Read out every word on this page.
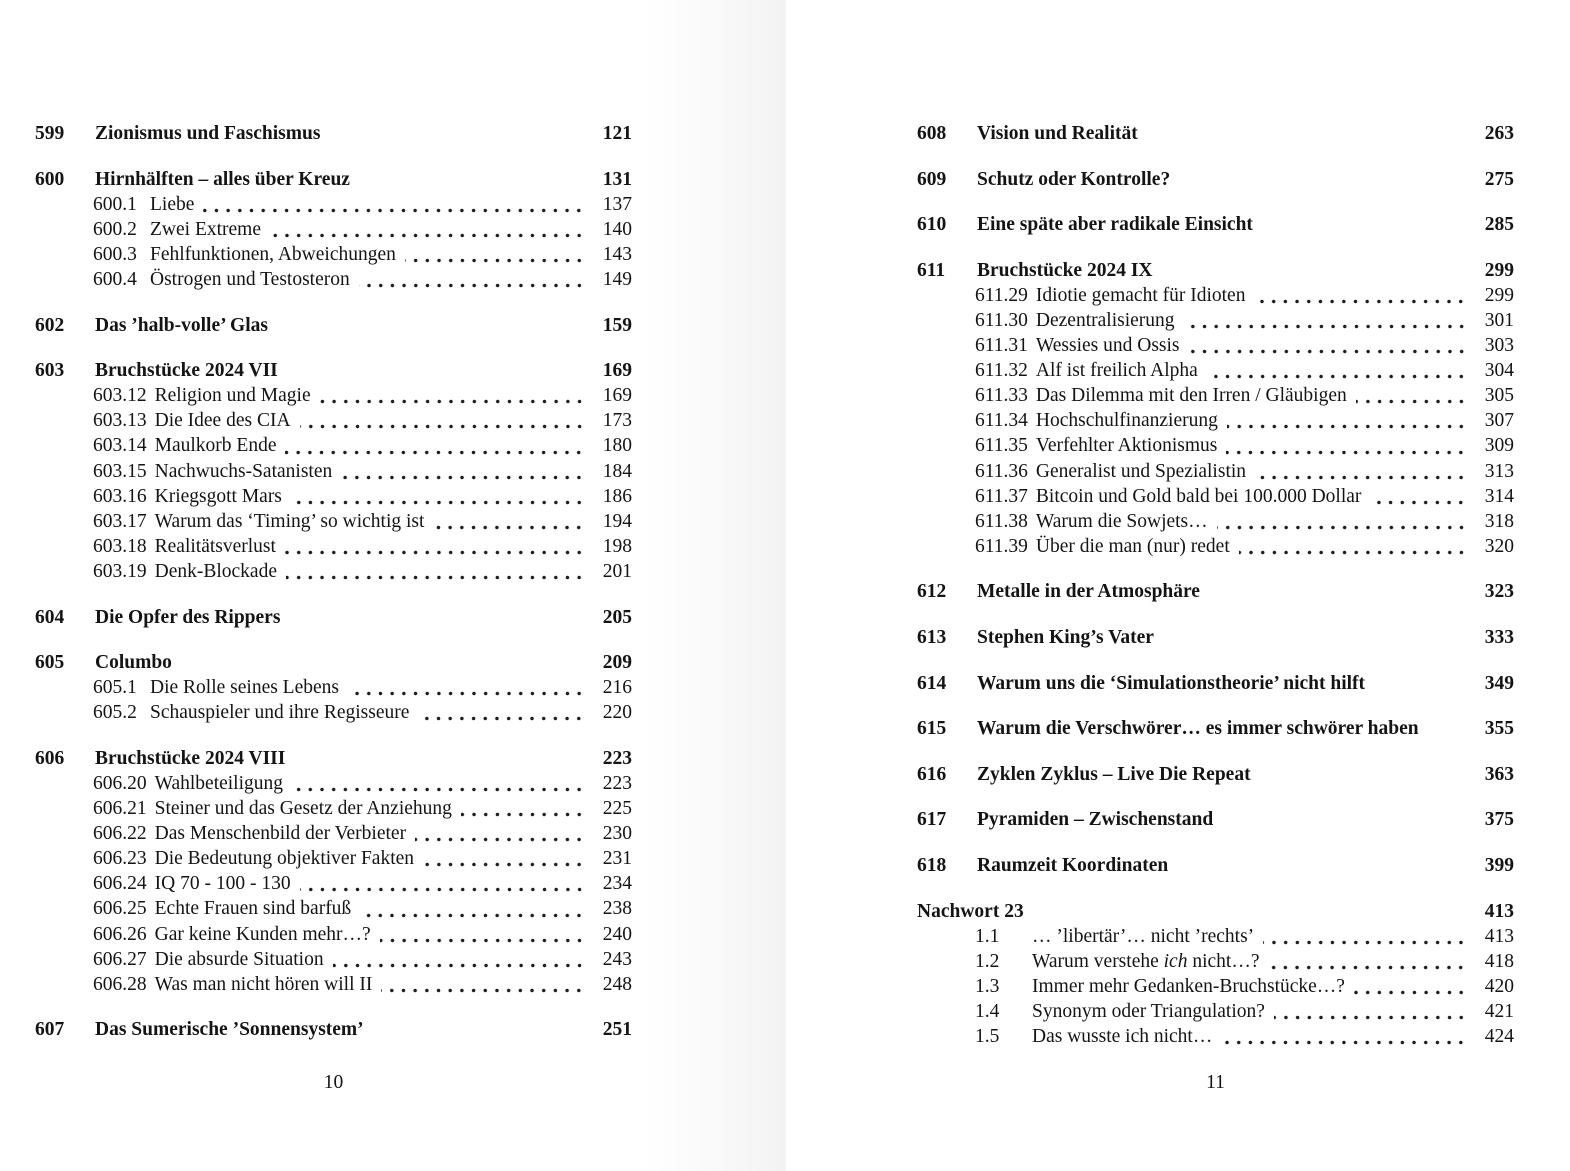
599	Zionismus und Faschismus	121
600	Hirnhälften – alles über Kreuz	131
600.1 Liebe	137
600.2 Zwei Extreme	140
600.3 Fehlfunktionen, Abweichungen	143
600.4 Östrogen und Testosteron	149
602	Das ’halb-volle’ Glas	159
603	Bruchstücke 2024 VII	169
603.12 Religion und Magie	169
603.13 Die Idee des CIA	173
603.14 Maulkorb Ende	180
603.15 Nachwuchs-Satanisten	184
603.16 Kriegsgott Mars	186
603.17 Warum das ‘Timing’ so wichtig ist	194
603.18 Realitätsverlust	198
603.19 Denk-Blockade	201
604	Die Opfer des Rippers	205
605	Columbo	209
605.1 Die Rolle seines Lebens	216
605.2 Schauspieler und ihre Regisseure	220
606	Bruchstücke 2024 VIII	223
606.20 Wahlbeteiligung	223
606.21 Steiner und das Gesetz der Anziehung	225
606.22 Das Menschenbild der Verbieter	230
606.23 Die Bedeutung objektiver Fakten	231
606.24 IQ 70 - 100 - 130	234
606.25 Echte Frauen sind barfuß	238
606.26 Gar keine Kunden mehr…?	240
606.27 Die absurde Situation	243
606.28 Was man nicht hören will II	248
607	Das Sumerische ’Sonnensystem’	251
10
608	Vision und Realität	263
609	Schutz oder Kontrolle?	275
610	Eine späte aber radikale Einsicht	285
611	Bruchstücke 2024 IX	299
611.29 Idiotie gemacht für Idioten	299
611.30 Dezentralisierung	301
611.31 Wessies und Ossis	303
611.32 Alf ist freilich Alpha	304
611.33 Das Dilemma mit den Irren / Gläubigen	305
611.34 Hochschulfinanzierung	307
611.35 Verfehlter Aktionismus	309
611.36 Generalist und Spezialistin	313
611.37 Bitcoin und Gold bald bei 100.000 Dollar	314
611.38 Warum die Sowjets…	318
611.39 Über die man (nur) redet	320
612	Metalle in der Atmosphäre	323
613	Stephen King’s Vater	333
614	Warum uns die ‘Simulationstheorie’ nicht hilft	349
615	Warum die Verschwörer… es immer schwörer haben	355
616	Zyklen Zyklus – Live Die Repeat	363
617	Pyramiden – Zwischenstand	375
618	Raumzeit Koordinaten	399
Nachwort 23	413
1.1	… ’libertär’… nicht ’rechts’	413
1.2	Warum verstehe ich nicht…?	418
1.3	Immer mehr Gedanken-Bruchstücke…?	420
1.4	Synonym oder Triangulation?	421
1.5	Das wusste ich nicht…	424
11
